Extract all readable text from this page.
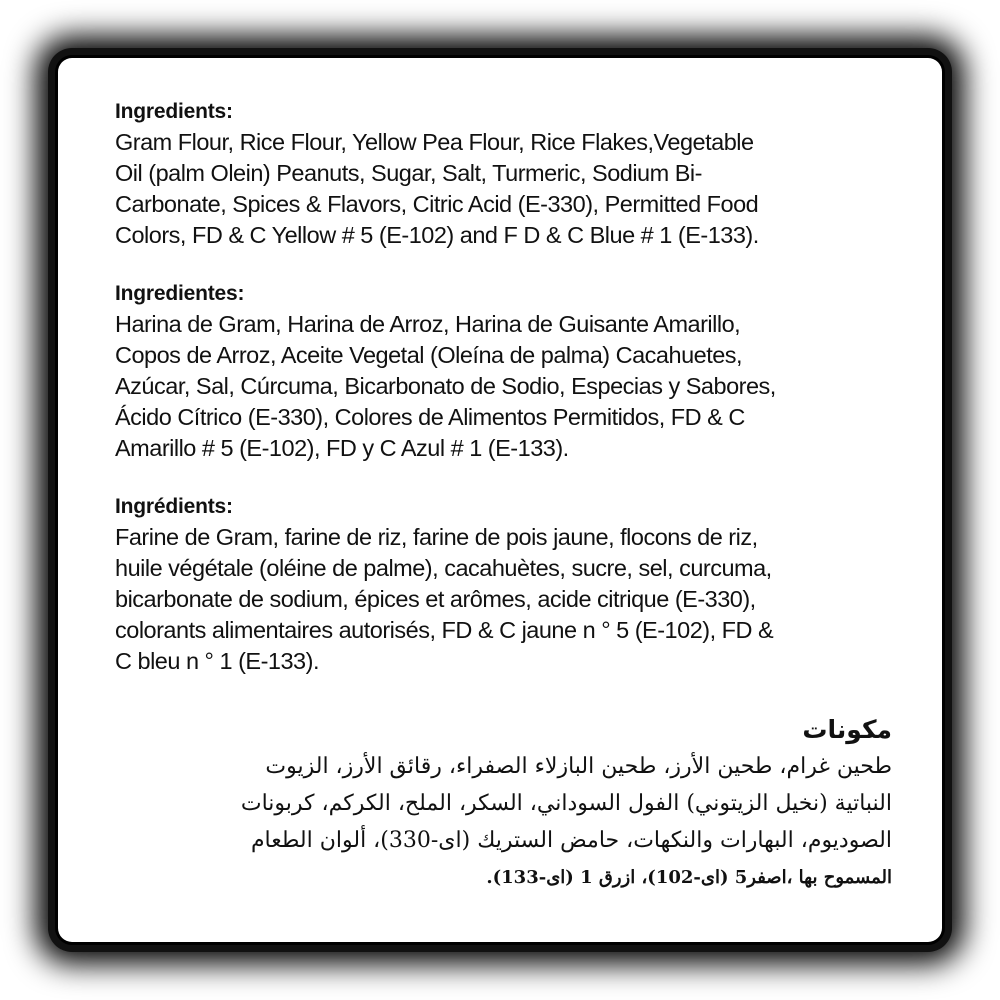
Ingredients:
Gram Flour, Rice Flour, Yellow Pea Flour, Rice Flakes,Vegetable
Oil (palm Olein) Peanuts, Sugar, Salt, Turmeric, Sodium Bi-
Carbonate, Spices & Flavors, Citric Acid (E-330), Permitted Food
Colors, FD & C Yellow # 5 (E-102) and F D & C Blue # 1 (E-133).
Ingredientes:
Harina de Gram, Harina de Arroz, Harina de Guisante Amarillo,
Copos de Arroz, Aceite Vegetal (Oleína de palma) Cacahuetes,
Azúcar, Sal, Cúrcuma, Bicarbonato de Sodio, Especias y Sabores,
Ácido Cítrico (E-330), Colores de Alimentos Permitidos, FD & C
Amarillo # 5 (E-102), FD y C Azul # 1 (E-133).
Ingrédients:
Farine de Gram, farine de riz, farine de pois jaune, flocons de riz,
huile végétale (oléine de palme), cacahuètes, sucre, sel, curcuma,
bicarbonate de sodium, épices et arômes, acide citrique (E-330),
colorants alimentaires autorisés, FD & C jaune n ° 5 (E-102), FD &
C bleu n ° 1 (E-133).
مكونات
طحين غرام، طحين الأرز، طحين البازلاء الصفراء، رقائق الأرز، الزيوت
النباتية (نخيل الزيتوني) الفول السوداني، السكر، الملح، الكركم، كربونات
الصوديوم، البهارات والنكهات، حامض الستريك (اى-330)، ألوان الطعام
المسموح بها ،اصفر5 (اى-102)، ازرق 1 (اى-133).
